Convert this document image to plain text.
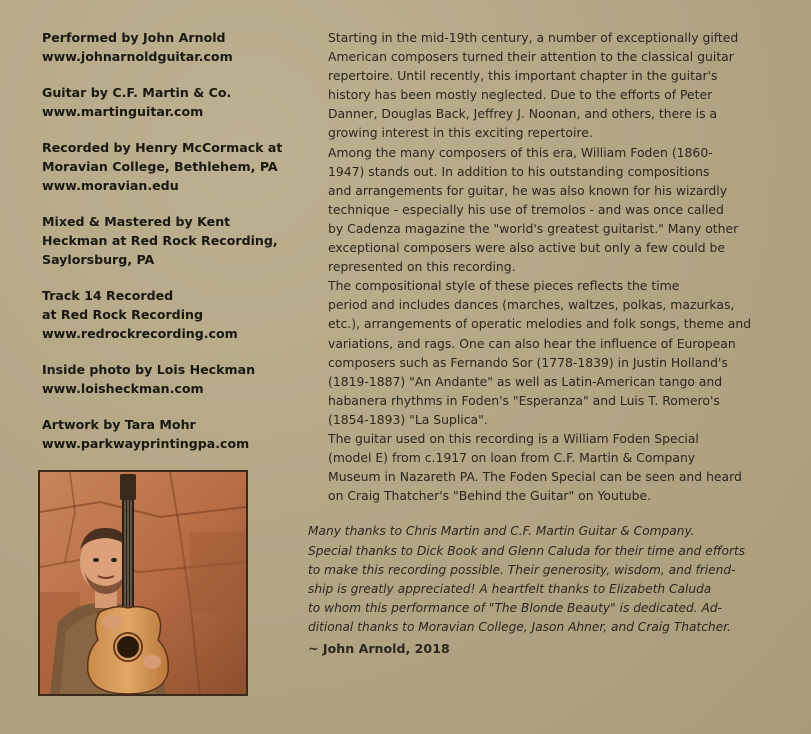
Performed by John Arnold
www.johnarnoldguitar.com
Guitar by C.F. Martin & Co.
www.martinguitar.com
Recorded by Henry McCormack at
Moravian College, Bethlehem, PA
www.moravian.edu
Mixed & Mastered by Kent
Heckman at Red Rock Recording,
Saylorsburg, PA
Track 14 Recorded
at Red Rock Recording
www.redrockrecording.com
Inside photo by Lois Heckman
www.loisheckman.com
Artwork by Tara Mohr
www.parkwayprintingpa.com

Starting in the mid-19th century, a number of exceptionally gifted
American composers turned their attention to the classical guitar
repertoire. Until recently, this important chapter in the guitar's
history has been mostly neglected. Due to the efforts of Peter
Danner, Douglas Back, Jeffrey J. Noonan, and others, there is a
growing interest in this exciting repertoire.

Among the many composers of this era, William Foden (1860-
1947) stands out. In addition to his outstanding compositions
and arrangements for guitar, he was also known for his wizardly
technique - especially his use of tremolos - and was once called
by Cadenza magazine the "world's greatest guitarist." Many other
exceptional composers were also active but only a few could be
represented on this recording.

The compositional style of these pieces reflects the time
period and includes dances (marches, waltzes, polkas, mazurkas,
etc.), arrangements of operatic melodies and folk songs, theme and
variations, and rags. One can also hear the influence of European
composers such as Fernando Sor (1778-1839) in Justin Holland's
(1819-1887) "An Andante" as well as Latin-American tango and
habanera rhythms in Foden's "Esperanza" and Luis T. Romero's
(1854-1893) "La Suplica".

The guitar used on this recording is a William Foden Special
(model E) from c.1917 on loan from C.F. Martin & Company
Museum in Nazareth PA. The Foden Special can be seen and heard
on Craig Thatcher's "Behind the Guitar" on Youtube.

Many thanks to Chris Martin and C.F. Martin Guitar & Company.
Special thanks to Dick Book and Glenn Caluda for their time and efforts
to make this recording possible. Their generosity, wisdom, and friend-
ship is greatly appreciated! A heartfelt thanks to Elizabeth Caluda
to whom this performance of "The Blonde Beauty" is dedicated. Ad-
ditional thanks to Moravian College, Jason Ahner, and Craig Thatcher.
~ John Arnold, 2018
